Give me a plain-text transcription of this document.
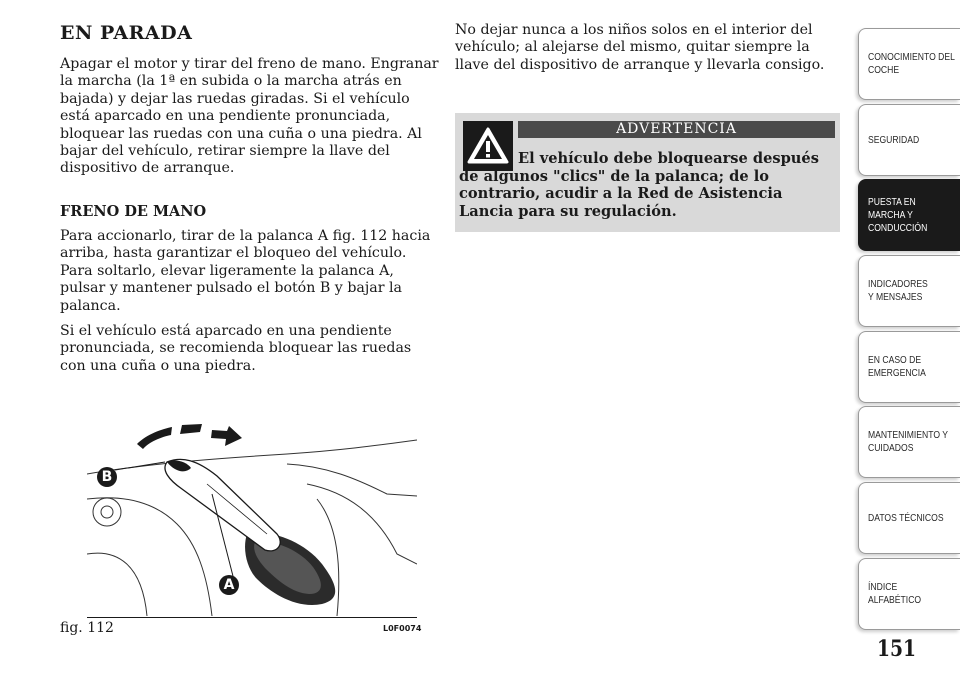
EN PARADA

Apagar el motor y tirar del freno de mano. Engranar la marcha (la 1ª en subida o la marcha atrás en bajada) y dejar las ruedas giradas. Si el vehículo está aparcado en una pendiente pronunciada, bloquear las ruedas con una cuña o una piedra. Al bajar del vehículo, retirar siempre la llave del dispositivo de arranque.

FRENO DE MANO

Para accionarlo, tirar de la palanca A fig. 112 hacia arriba, hasta garantizar el bloqueo del vehículo. Para soltarlo, elevar ligeramente la palanca A, pulsar y mantener pulsado el botón B y bajar la palanca.

Si el vehículo está aparcado en una pendiente pronunciada, se recomienda bloquear las ruedas con una cuña o una piedra.

No dejar nunca a los niños solos en el interior del vehículo; al alejarse del mismo, quitar siempre la llave del dispositivo de arranque y llevarla consigo.

ADVERTENCIA

El vehículo debe bloquearse después de algunos "clics" de la palanca; de lo contrario, acudir a la Red de Asistencia Lancia para su regulación.

B
A
fig. 112	L0F0074
CONOCIMIENTO DEL COCHE
SEGURIDAD
PUESTA EN MARCHA Y CONDUCCIÓN
INDICADORES Y MENSAJES
EN CASO DE EMERGENCIA
MANTENIMIENTO Y CUIDADOS
DATOS TÉCNICOS
ÍNDICE ALFABÉTICO
151
